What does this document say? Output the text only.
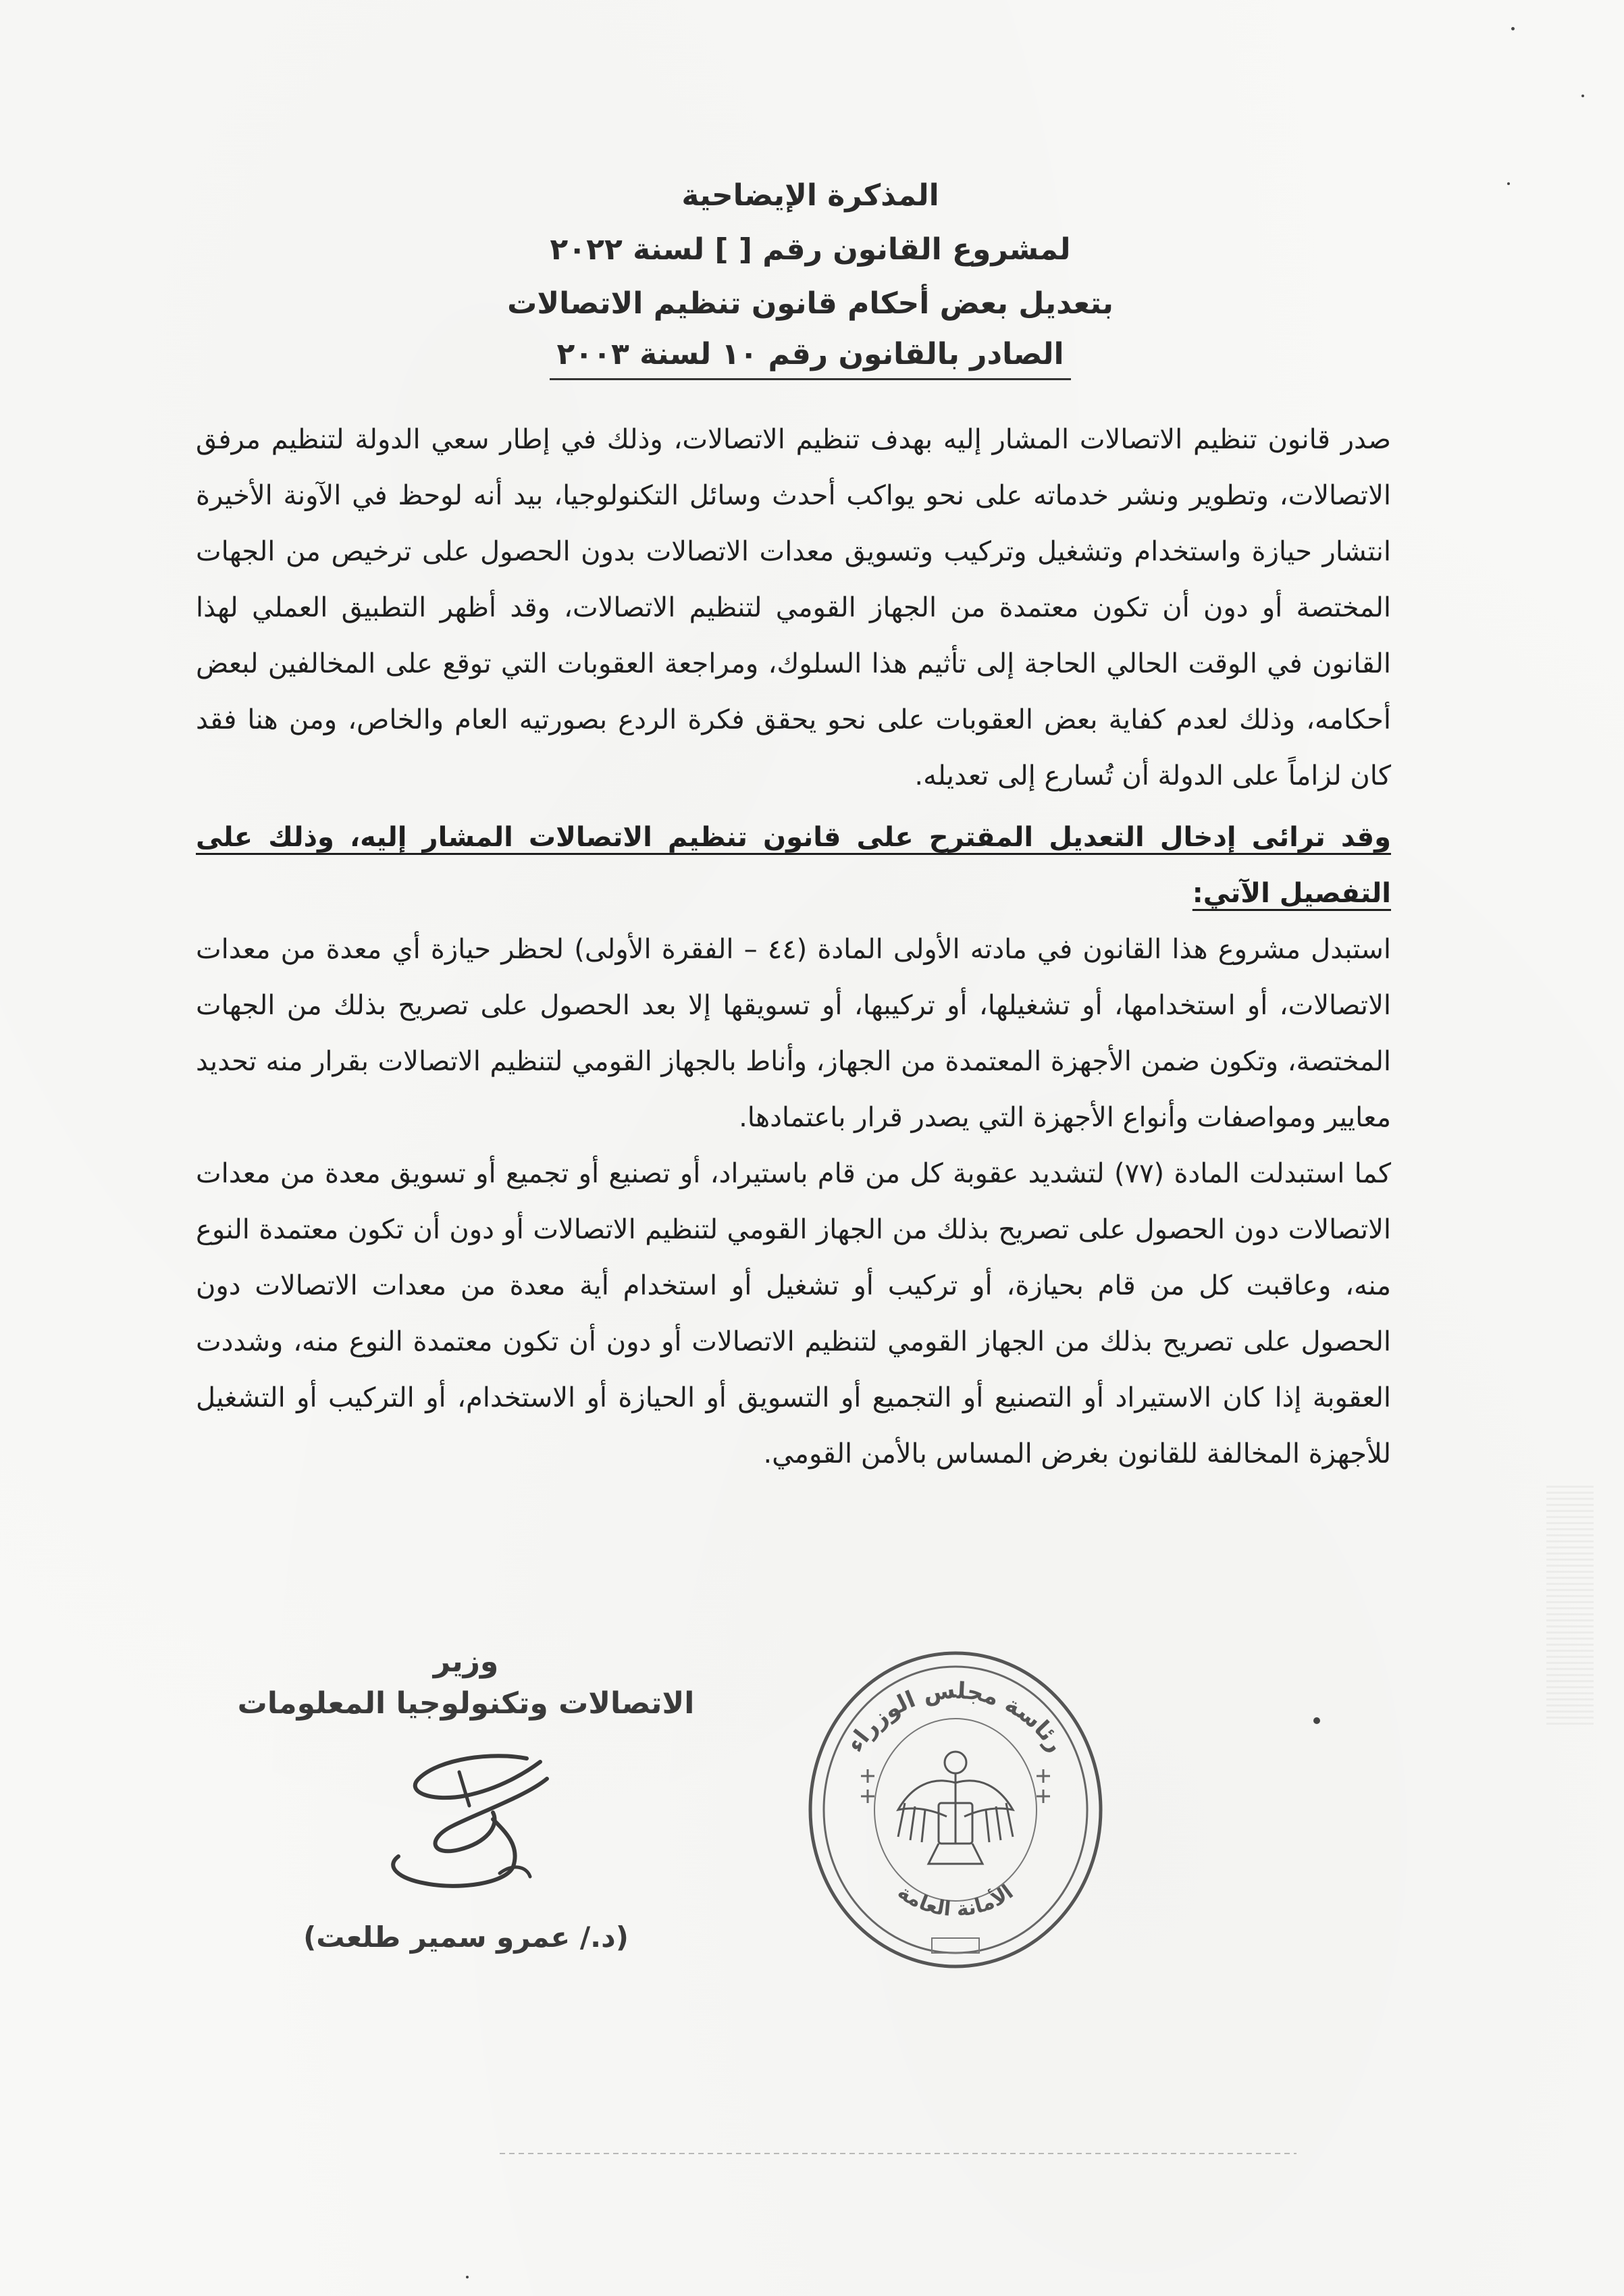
المذكرة الإيضاحية
لمشروع القانون رقم [ ] لسنة ٢٠٢٢
بتعديل بعض أحكام قانون تنظيم الاتصالات
الصادر بالقانون رقم ١٠ لسنة ٢٠٠٣

صدر قانون تنظيم الاتصالات المشار إليه بهدف تنظيم الاتصالات، وذلك في إطار سعي الدولة لتنظيم مرفق الاتصالات، وتطوير ونشر خدماته على نحو يواكب أحدث وسائل التكنولوجيا، بيد أنه لوحظ في الآونة الأخيرة انتشار حيازة واستخدام وتشغيل وتركيب وتسويق معدات الاتصالات بدون الحصول على ترخيص من الجهات المختصة أو دون أن تكون معتمدة من الجهاز القومي لتنظيم الاتصالات، وقد أظهر التطبيق العملي لهذا القانون في الوقت الحالي الحاجة إلى تأثيم هذا السلوك، ومراجعة العقوبات التي توقع على المخالفين لبعض أحكامه، وذلك لعدم كفاية بعض العقوبات على نحو يحقق فكرة الردع بصورتيه العام والخاص، ومن هنا فقد كان لزاماً على الدولة أن تُسارع إلى تعديله.

وقد ترائى إدخال التعديل المقترح على قانون تنظيم الاتصالات المشار إليه، وذلك على التفصيل الآتي:

استبدل مشروع هذا القانون في مادته الأولى المادة (٤٤ – الفقرة الأولى) لحظر حيازة أي معدة من معدات الاتصالات، أو استخدامها، أو تشغيلها، أو تركيبها، أو تسويقها إلا بعد الحصول على تصريح بذلك من الجهات المختصة، وتكون ضمن الأجهزة المعتمدة من الجهاز، وأناط بالجهاز القومي لتنظيم الاتصالات بقرار منه تحديد معايير ومواصفات وأنواع الأجهزة التي يصدر قرار باعتمادها.

كما استبدلت المادة (٧٧) لتشديد عقوبة كل من قام باستيراد، أو تصنيع أو تجميع أو تسويق معدة من معدات الاتصالات دون الحصول على تصريح بذلك من الجهاز القومي لتنظيم الاتصالات أو دون أن تكون معتمدة النوع منه، وعاقبت كل من قام بحيازة، أو تركيب أو تشغيل أو استخدام أية معدة من معدات الاتصالات دون الحصول على تصريح بذلك من الجهاز القومي لتنظيم الاتصالات أو دون أن تكون معتمدة النوع منه، وشددت العقوبة إذا كان الاستيراد أو التصنيع أو التجميع أو التسويق أو الحيازة أو الاستخدام، أو التركيب أو التشغيل للأجهزة المخالفة للقانون بغرض المساس بالأمن القومي.

وزير
الاتصالات وتكنولوجيا المعلومات
(د./ عمرو سمير طلعت)
رئاسة مجلس الوزراء
الأمانة العامة
